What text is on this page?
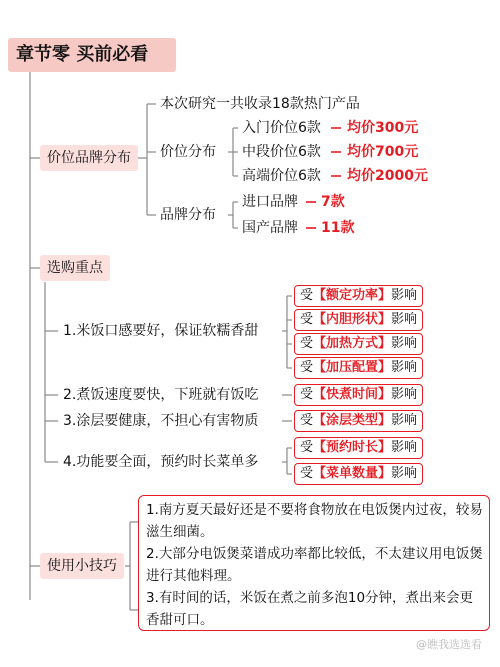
章节零 买前必看
价位品牌分布
本次研究一共收录18款热门产品
价位分布
入门价位6款 均价300元
中段价位6款 均价700元
高端价位6款 均价2000元
品牌分布
进口品牌 7款
国产品牌 11款
选购重点
1.米饭口感要好，保证软糯香甜
2.煮饭速度要快，下班就有饭吃
3.涂层要健康，不担心有害物质
4.功能要全面，预约时长菜单多
受【额定功率】影响
受【内胆形状】影响
受【加热方式】影响
受【加压配置】影响
受【快煮时间】影响
受【涂层类型】影响
受【预约时长】影响
受【菜单数量】影响
使用小技巧
1.南方夏天最好还是不要将食物放在电饭煲内过夜，较易滋生细菌。
2.大部分电饭煲菜谱成功率都比较低，不太建议用电饭煲进行其他料理。
3.有时间的话，米饭在煮之前多泡10分钟，煮出来会更香甜可口。
@瞧我选选看
